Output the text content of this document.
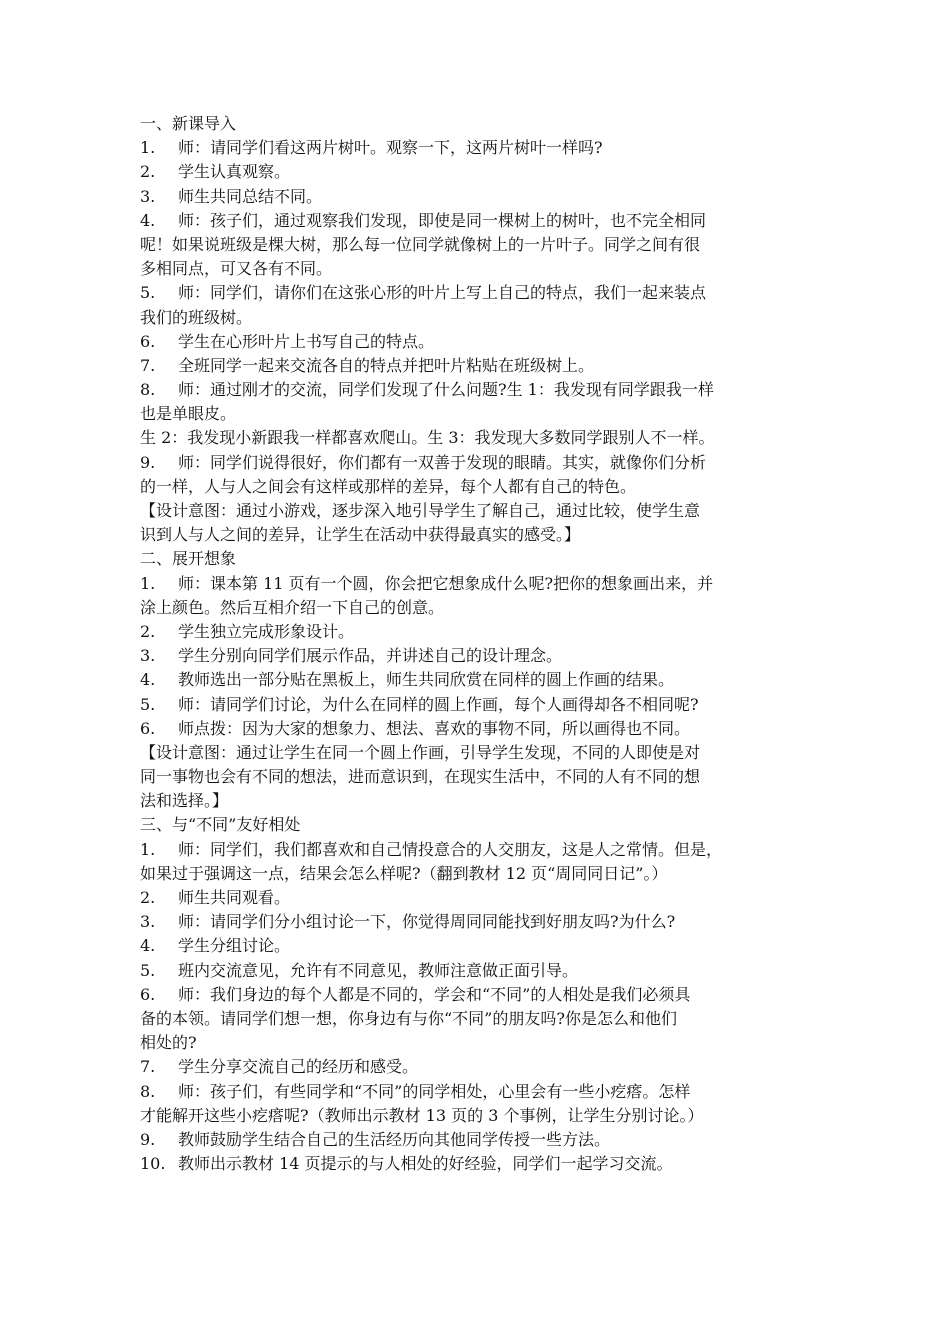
一、新课导入
1. 师：请同学们看这两片树叶。观察一下，这两片树叶一样吗?
2. 学生认真观察。
3. 师生共同总结不同。
4. 师：孩子们，通过观察我们发现，即使是同一棵树上的树叶，也不完全相同
呢！如果说班级是棵大树，那么每一位同学就像树上的一片叶子。同学之间有很
多相同点，可又各有不同。
5. 师：同学们，请你们在这张心形的叶片上写上自己的特点，我们一起来装点
我们的班级树。
6. 学生在心形叶片上书写自己的特点。
7. 全班同学一起来交流各自的特点并把叶片粘贴在班级树上。
8. 师：通过刚才的交流，同学们发现了什么问题?生 1：我发现有同学跟我一样
也是单眼皮。
生 2：我发现小新跟我一样都喜欢爬山。生 3：我发现大多数同学跟别人不一样。
9. 师：同学们说得很好，你们都有一双善于发现的眼睛。其实，就像你们分析
的一样，人与人之间会有这样或那样的差异，每个人都有自己的特色。
【设计意图：通过小游戏，逐步深入地引导学生了解自己，通过比较，使学生意
识到人与人之间的差异，让学生在活动中获得最真实的感受。】
二、展开想象
1. 师：课本第 11 页有一个圆，你会把它想象成什么呢?把你的想象画出来，并
涂上颜色。然后互相介绍一下自己的创意。
2. 学生独立完成形象设计。
3. 学生分别向同学们展示作品，并讲述自己的设计理念。
4. 教师选出一部分贴在黑板上，师生共同欣赏在同样的圆上作画的结果。
5. 师：请同学们讨论，为什么在同样的圆上作画，每个人画得却各不相同呢?
6. 师点拨：因为大家的想象力、想法、喜欢的事物不同，所以画得也不同。
【设计意图：通过让学生在同一个圆上作画，引导学生发现，不同的人即使是对
同一事物也会有不同的想法，进而意识到，在现实生活中，不同的人有不同的想
法和选择。】
三、与“不同”友好相处
1. 师：同学们，我们都喜欢和自己情投意合的人交朋友，这是人之常情。但是，
如果过于强调这一点，结果会怎么样呢?（翻到教材 12 页“周同同日记”。）
2. 师生共同观看。
3. 师：请同学们分小组讨论一下，你觉得周同同能找到好朋友吗?为什么?
4. 学生分组讨论。
5. 班内交流意见，允许有不同意见，教师注意做正面引导。
6. 师：我们身边的每个人都是不同的，学会和“不同”的人相处是我们必须具
备的本领。请同学们想一想，你身边有与你“不同”的朋友吗?你是怎么和他们
相处的?
7. 学生分享交流自己的经历和感受。
8. 师：孩子们，有些同学和“不同”的同学相处，心里会有一些小疙瘩。怎样
才能解开这些小疙瘩呢?（教师出示教材 13 页的 3 个事例，让学生分别讨论。）
9. 教师鼓励学生结合自己的生活经历向其他同学传授一些方法。
10. 教师出示教材 14 页提示的与人相处的好经验，同学们一起学习交流。
